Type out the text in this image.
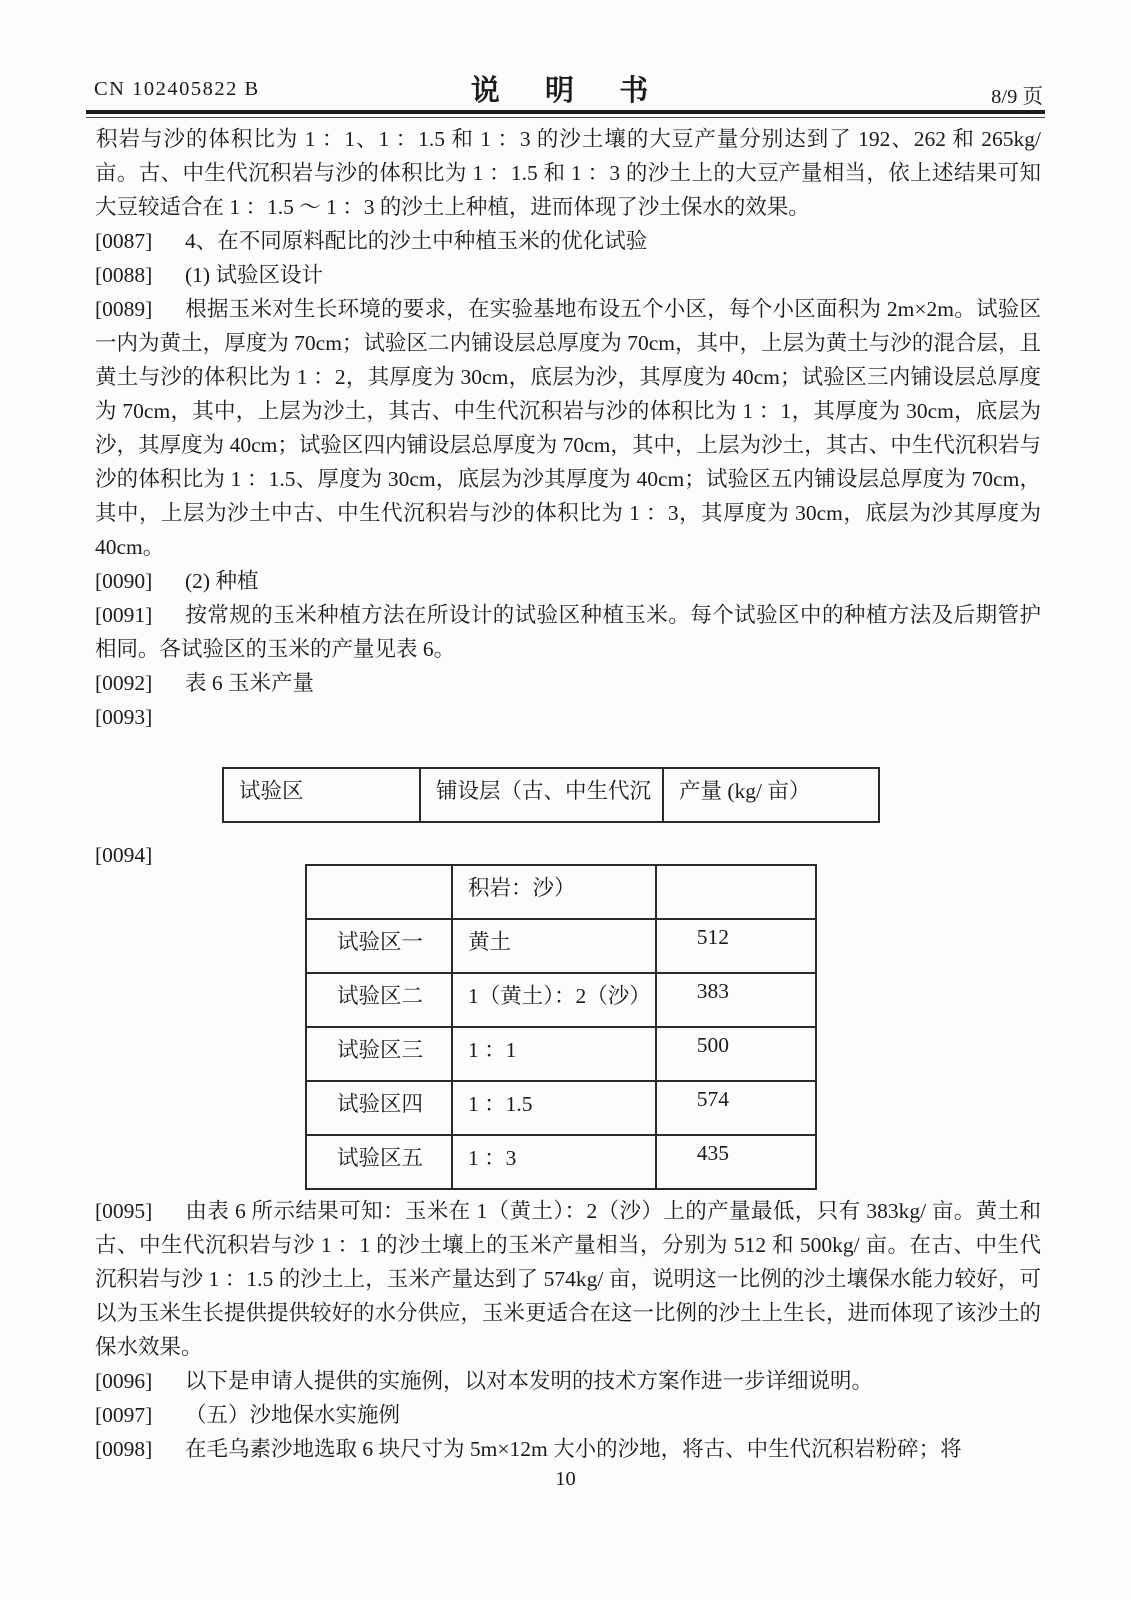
CN 102405822 B	说 明 书	8/9 页

积岩与沙的体积比为 1 ：1、1 ：1.5 和 1 ：3 的沙土壤的大豆产量分别达到了 192、262 和 265kg/ 亩。古、中生代沉积岩与沙的体积比为 1 ：1.5 和 1 ：3 的沙土上的大豆产量相当，依上述结果可知大豆较适合在 1 ：1.5 ～ 1 ：3 的沙土上种植，进而体现了沙土保水的效果。

[0087] 4、在不同原料配比的沙土中种植玉米的优化试验

[0088] (1) 试验区设计

[0089] 根据玉米对生长环境的要求，在实验基地布设五个小区，每个小区面积为 2m×2m。试验区一内为黄土，厚度为 70cm；试验区二内铺设层总厚度为 70cm，其中，上层为黄土与沙的混合层，且黄土与沙的体积比为 1 ：2，其厚度为 30cm，底层为沙，其厚度为 40cm；试验区三内铺设层总厚度为 70cm，其中，上层为沙土，其古、中生代沉积岩与沙的体积比为 1 ：1，其厚度为 30cm，底层为沙，其厚度为 40cm；试验区四内铺设层总厚度为 70cm，其中，上层为沙土，其古、中生代沉积岩与沙的体积比为 1 ：1.5、厚度为 30cm，底层为沙其厚度为 40cm；试验区五内铺设层总厚度为 70cm，其中，上层为沙土中古、中生代沉积岩与沙的体积比为 1 ：3，其厚度为 30cm，底层为沙其厚度为 40cm。

[0090] (2) 种植

[0091] 按常规的玉米种植方法在所设计的试验区种植玉米。每个试验区中的种植方法及后期管护相同。各试验区的玉米的产量见表 6。

[0092] 表 6 玉米产量

[0093]

试验区	铺设层（古、中生代沉	产量 (kg/ 亩）

[0094]

	积岩：沙）	
试验区一	黄土	512
试验区二	1（黄土）：2（沙）	383
试验区三	1 ：1	500
试验区四	1 ：1.5	574
试验区五	1 ：3	435

[0095] 由表 6 所示结果可知：玉米在 1（黄土）：2（沙）上的产量最低，只有 383kg/ 亩。黄土和古、中生代沉积岩与沙 1 ：1 的沙土壤上的玉米产量相当，分别为 512 和 500kg/ 亩。在古、中生代沉积岩与沙 1 ：1.5 的沙土上，玉米产量达到了 574kg/ 亩，说明这一比例的沙土壤保水能力较好，可以为玉米生长提供提供较好的水分供应，玉米更适合在这一比例的沙土上生长，进而体现了该沙土的保水效果。

[0096] 以下是申请人提供的实施例，以对本发明的技术方案作进一步详细说明。

[0097] （五）沙地保水实施例

[0098] 在毛乌素沙地选取 6 块尺寸为 5m×12m 大小的沙地，将古、中生代沉积岩粉碎；将

10
